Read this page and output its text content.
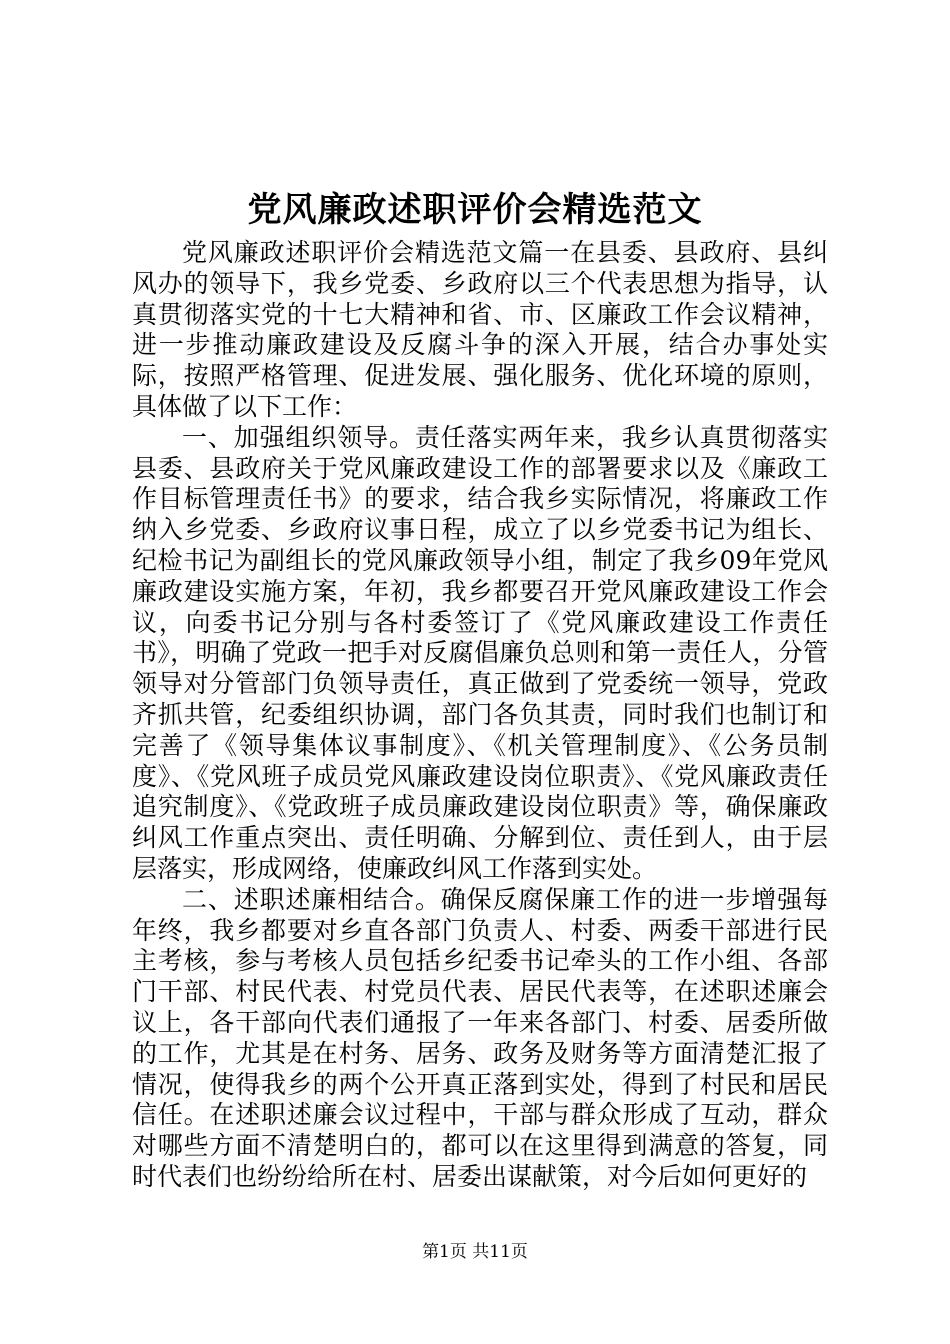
党风廉政述职评价会精选范文

党风廉政述职评价会精选范文篇一在县委、县政府、县纠风办的领导下，我乡党委、乡政府以三个代表思想为指导，认真贯彻落实党的十七大精神和省、市、区廉政工作会议精神，进一步推动廉政建设及反腐斗争的深入开展，结合办事处实际，按照严格管理、促进发展、强化服务、优化环境的原则，具体做了以下工作：

一、加强组织领导。责任落实两年来，我乡认真贯彻落实县委、县政府关于党风廉政建设工作的部署要求以及《廉政工作目标管理责任书》的要求，结合我乡实际情况，将廉政工作纳入乡党委、乡政府议事日程，成立了以乡党委书记为组长、纪检书记为副组长的党风廉政领导小组，制定了我乡09年党风廉政建设实施方案，年初，我乡都要召开党风廉政建设工作会议，向委书记分别与各村委签订了《党风廉政建设工作责任书》，明确了党政一把手对反腐倡廉负总则和第一责任人，分管领导对分管部门负领导责任，真正做到了党委统一领导，党政齐抓共管，纪委组织协调，部门各负其责，同时我们也制订和完善了《领导集体议事制度》、《机关管理制度》、《公务员制度》、《党风班子成员党风廉政建设岗位职责》、《党风廉政责任追究制度》、《党政班子成员廉政建设岗位职责》等，确保廉政纠风工作重点突出、责任明确、分解到位、责任到人，由于层层落实，形成网络，使廉政纠风工作落到实处。

二、述职述廉相结合。确保反腐保廉工作的进一步增强每年终，我乡都要对乡直各部门负责人、村委、两委干部进行民主考核，参与考核人员包括乡纪委书记牵头的工作小组、各部门干部、村民代表、村党员代表、居民代表等，在述职述廉会议上，各干部向代表们通报了一年来各部门、村委、居委所做的工作，尤其是在村务、居务、政务及财务等方面清楚汇报了情况，使得我乡的两个公开真正落到实处，得到了村民和居民信任。在述职述廉会议过程中，干部与群众形成了互动，群众对哪些方面不清楚明白的，都可以在这里得到满意的答复，同时代表们也纷纷给所在村、居委出谋献策，对今后如何更好的

第1页 共11页
